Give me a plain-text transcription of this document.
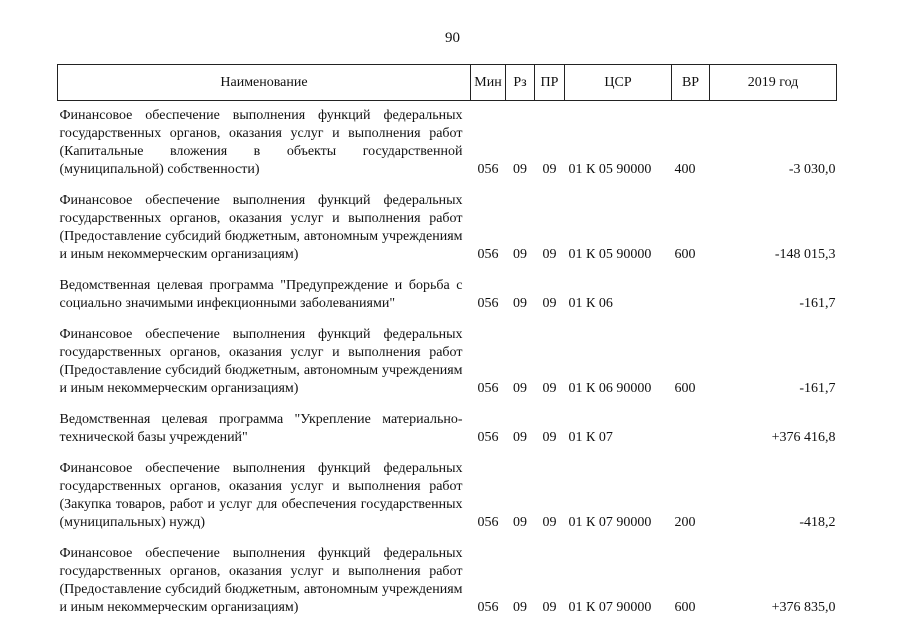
90
Наименование	Мин	Рз	ПР	ЦСР	ВР	2019 год

Финансовое обеспечение выполнения функций федеральных государственных органов, оказания услуг и выполнения работ (Капитальные вложения в объекты государственной (муниципальной) собственности)	056	09	09	01 К 05 90000	400	-3 030,0

Финансовое обеспечение выполнения функций федеральных государственных органов, оказания услуг и выполнения работ (Предоставление субсидий бюджетным, автономным учреждениям и иным некоммерческим организациям)	056	09	09	01 К 05 90000	600	-148 015,3

Ведомственная целевая программа "Предупреждение и борьба с социально значимыми инфекционными заболеваниями"	056	09	09	01 К 06		-161,7

Финансовое обеспечение выполнения функций федеральных государственных органов, оказания услуг и выполнения работ (Предоставление субсидий бюджетным, автономным учреждениям и иным некоммерческим организациям)	056	09	09	01 К 06 90000	600	-161,7

Ведомственная целевая программа "Укрепление материально-технической базы учреждений"	056	09	09	01 К 07		+376 416,8

Финансовое обеспечение выполнения функций федеральных государственных органов, оказания услуг и выполнения работ (Закупка товаров, работ и услуг для обеспечения государственных (муниципальных) нужд)	056	09	09	01 К 07 90000	200	-418,2

Финансовое обеспечение выполнения функций федеральных государственных органов, оказания услуг и выполнения работ (Предоставление субсидий бюджетным, автономным учреждениям и иным некоммерческим организациям)	056	09	09	01 К 07 90000	600	+376 835,0
